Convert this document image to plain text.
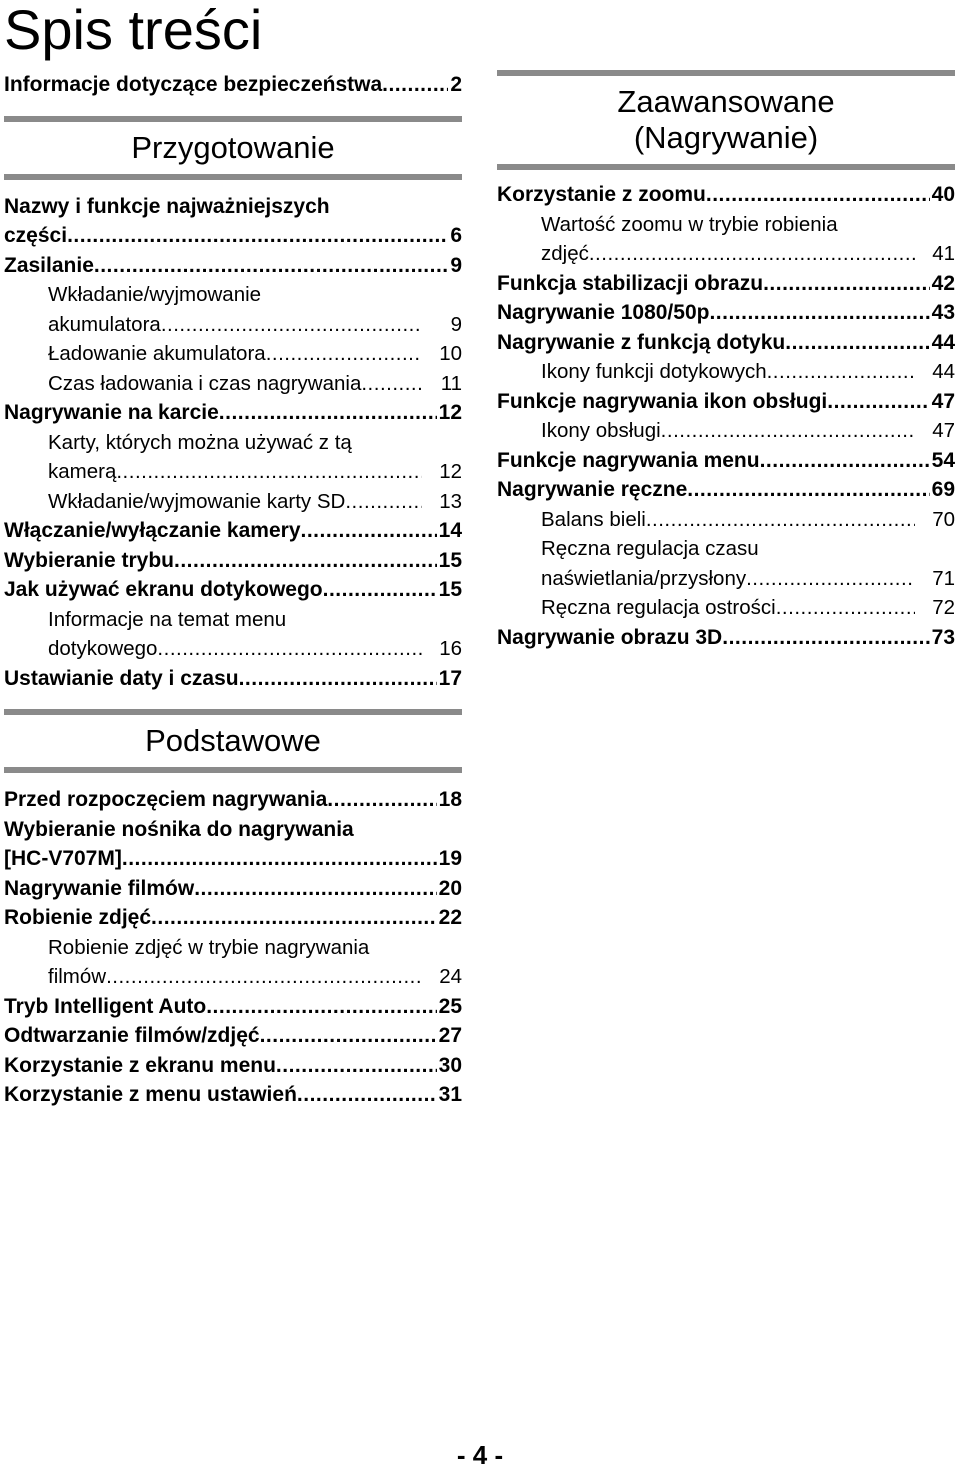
Spis treści
Informacje dotyczące bezpieczeństwa .....	2
Przygotowanie
Nazwy i funkcje najważniejszych
części .....	6
Zasilanie .....	9
Wkładanie/wyjmowanie
akumulatora .....	9
Ładowanie akumulatora .....	10
Czas ładowania i czas nagrywania .....	11
Nagrywanie na karcie .....	12
Karty, których można używać z tą
kamerą .....	12
Wkładanie/wyjmowanie karty SD .....	13
Włączanie/wyłączanie kamery .....	14
Wybieranie trybu .....	15
Jak używać ekranu dotykowego .....	15
Informacje na temat menu
dotykowego .....	16
Ustawianie daty i czasu .....	17
Podstawowe
Przed rozpoczęciem nagrywania .....	18
Wybieranie nośnika do nagrywania
[HC-V707M] .....	19
Nagrywanie filmów .....	20
Robienie zdjęć .....	22
Robienie zdjęć w trybie nagrywania
filmów .....	24
Tryb Intelligent Auto .....	25
Odtwarzanie filmów/zdjęć .....	27
Korzystanie z ekranu menu .....	30
Korzystanie z menu ustawień .....	31
Zaawansowane
(Nagrywanie)
Korzystanie z zoomu .....	40
Wartość zoomu w trybie robienia
zdjęć .....	41
Funkcja stabilizacji obrazu .....	42
Nagrywanie 1080/50p .....	43
Nagrywanie z funkcją dotyku .....	44
Ikony funkcji dotykowych .....	44
Funkcje nagrywania ikon obsługi .....	47
Ikony obsługi .....	47
Funkcje nagrywania menu .....	54
Nagrywanie ręczne .....	69
Balans bieli .....	70
Ręczna regulacja czasu
naświetlania/przysłony .....	71
Ręczna regulacja ostrości .....	72
Nagrywanie obrazu 3D .....	73
- 4 -
